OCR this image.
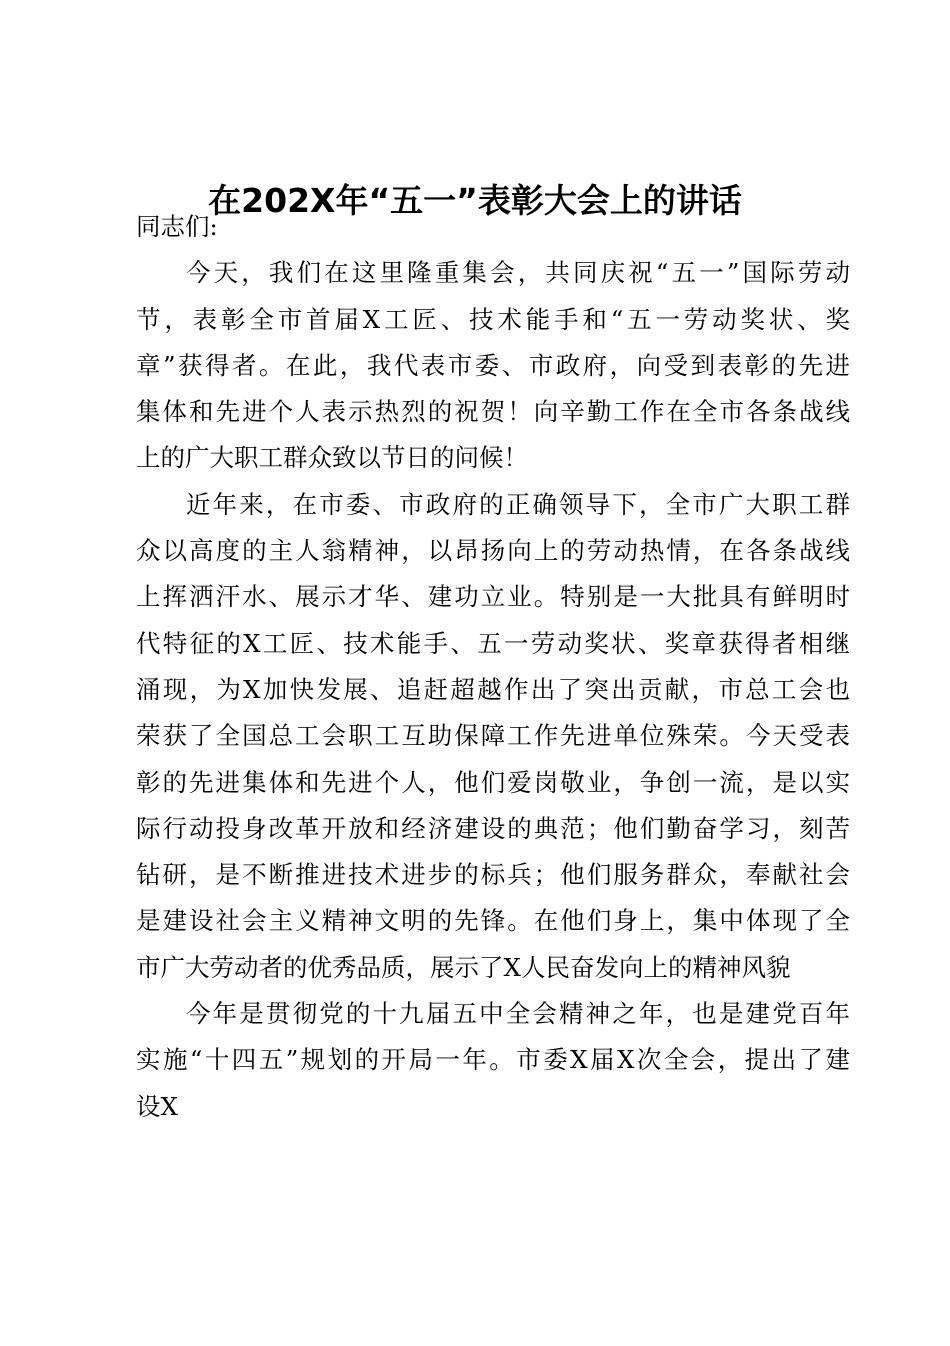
在202X年“五一”表彰大会上的讲话
同志们:
今天，我们在这里隆重集会，共同庆祝“五一”国际劳动
节，表彰全市首届X工匠、技术能手和“五一劳动奖状、奖
章”获得者。在此，我代表市委、市政府，向受到表彰的先进
集体和先进个人表示热烈的祝贺！向辛勤工作在全市各条战线
上的广大职工群众致以节日的问候！
近年来，在市委、市政府的正确领导下，全市广大职工群
众以高度的主人翁精神，以昂扬向上的劳动热情，在各条战线
上挥洒汗水、展示才华、建功立业。特别是一大批具有鲜明时
代特征的X工匠、技术能手、五一劳动奖状、奖章获得者相继
涌现，为X加快发展、追赶超越作出了突出贡献，市总工会也
荣获了全国总工会职工互助保障工作先进单位殊荣。今天受表
彰的先进集体和先进个人，他们爱岗敬业，争创一流，是以实
际行动投身改革开放和经济建设的典范；他们勤奋学习，刻苦
钻研，是不断推进技术进步的标兵；他们服务群众，奉献社会
是建设社会主义精神文明的先锋。在他们身上，集中体现了全
市广大劳动者的优秀品质，展示了X人民奋发向上的精神风貌
今年是贯彻党的十九届五中全会精神之年，也是建党百年
实施“十四五”规划的开局一年。市委X届X次全会，提出了建
设X
